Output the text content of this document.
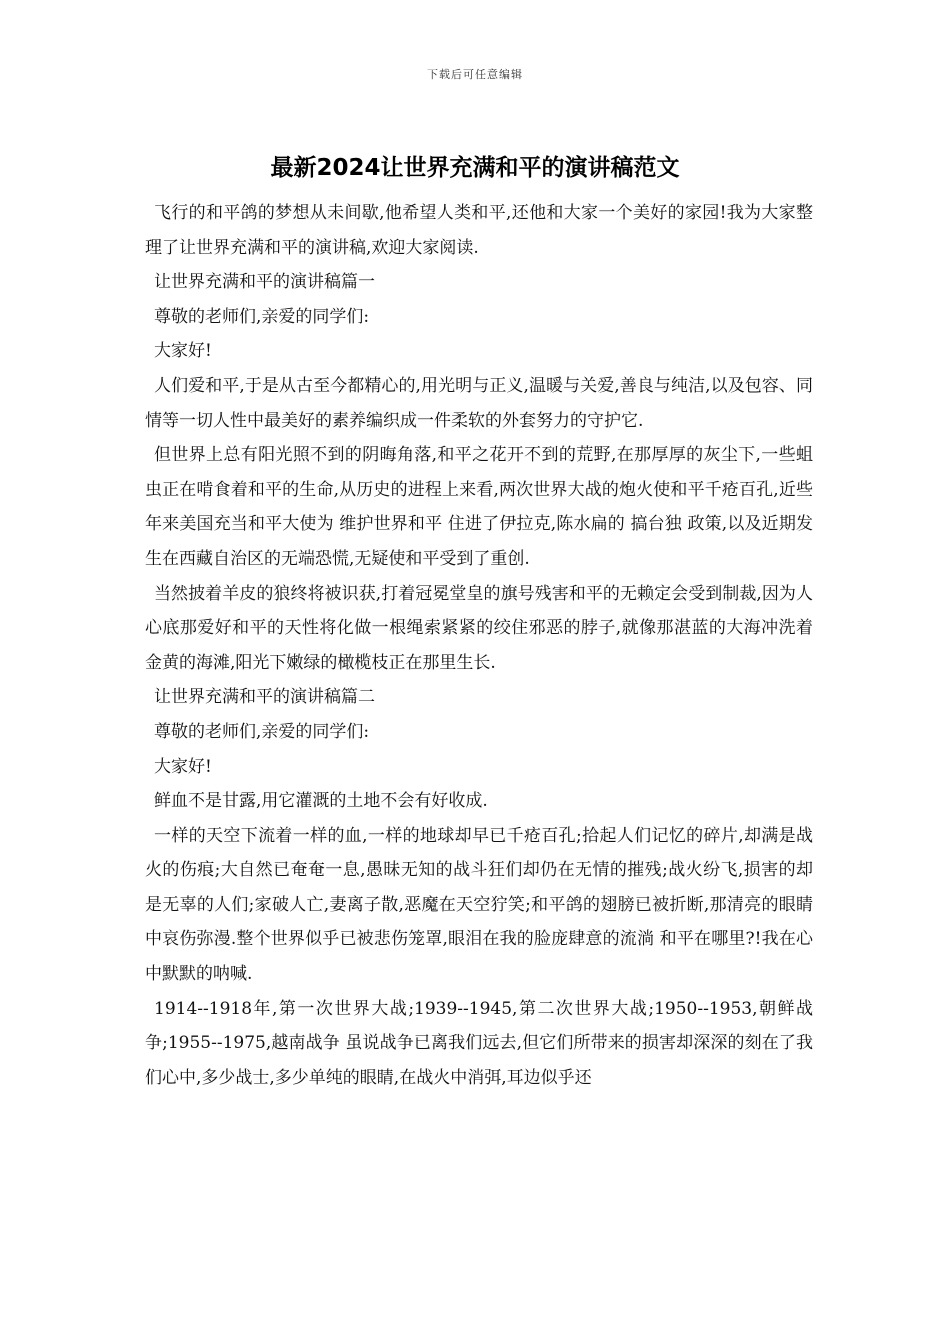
下载后可任意编辑
最新2024让世界充满和平的演讲稿范文

飞行的和平鸽的梦想从未间歇,他希望人类和平,还他和大家一个美好的家园!我为大家整理了让世界充满和平的演讲稿,欢迎大家阅读.

让世界充满和平的演讲稿篇一

尊敬的老师们,亲爱的同学们:

大家好!

人们爱和平,于是从古至今都精心的,用光明与正义,温暖与关爱,善良与纯洁,以及包容、同情等一切人性中最美好的素养编织成一件柔软的外套努力的守护它.

但世界上总有阳光照不到的阴晦角落,和平之花开不到的荒野,在那厚厚的灰尘下,一些蛆虫正在啃食着和平的生命,从历史的进程上来看,两次世界大战的炮火使和平千疮百孔,近些年来美国充当和平大使为 维护世界和平 住进了伊拉克,陈水扁的 搞台独 政策,以及近期发生在西藏自治区的无端恐慌,无疑使和平受到了重创.

当然披着羊皮的狼终将被识获,打着冠冕堂皇的旗号残害和平的无赖定会受到制裁,因为人心底那爱好和平的天性将化做一根绳索紧紧的绞住邪恶的脖子,就像那湛蓝的大海冲洗着金黄的海滩,阳光下嫩绿的橄榄枝正在那里生长.

让世界充满和平的演讲稿篇二

尊敬的老师们,亲爱的同学们:

大家好!

鲜血不是甘露,用它灌溉的土地不会有好收成.

一样的天空下流着一样的血,一样的地球却早已千疮百孔;拾起人们记忆的碎片,却满是战火的伤痕;大自然已奄奄一息,愚昧无知的战斗狂们却仍在无情的摧残;战火纷飞,损害的却是无辜的人们;家破人亡,妻离子散,恶魔在天空狞笑;和平鸽的翅膀已被折断,那清亮的眼睛中哀伤弥漫.整个世界似乎已被悲伤笼罩,眼泪在我的脸庞肆意的流淌 和平在哪里?!我在心中默默的呐喊.

1914--1918年,第一次世界大战;1939--1945,第二次世界大战;1950--1953,朝鲜战争;1955--1975,越南战争 虽说战争已离我们远去,但它们所带来的损害却深深的刻在了我们心中,多少战士,多少单纯的眼睛,在战火中消弭,耳边似乎还
